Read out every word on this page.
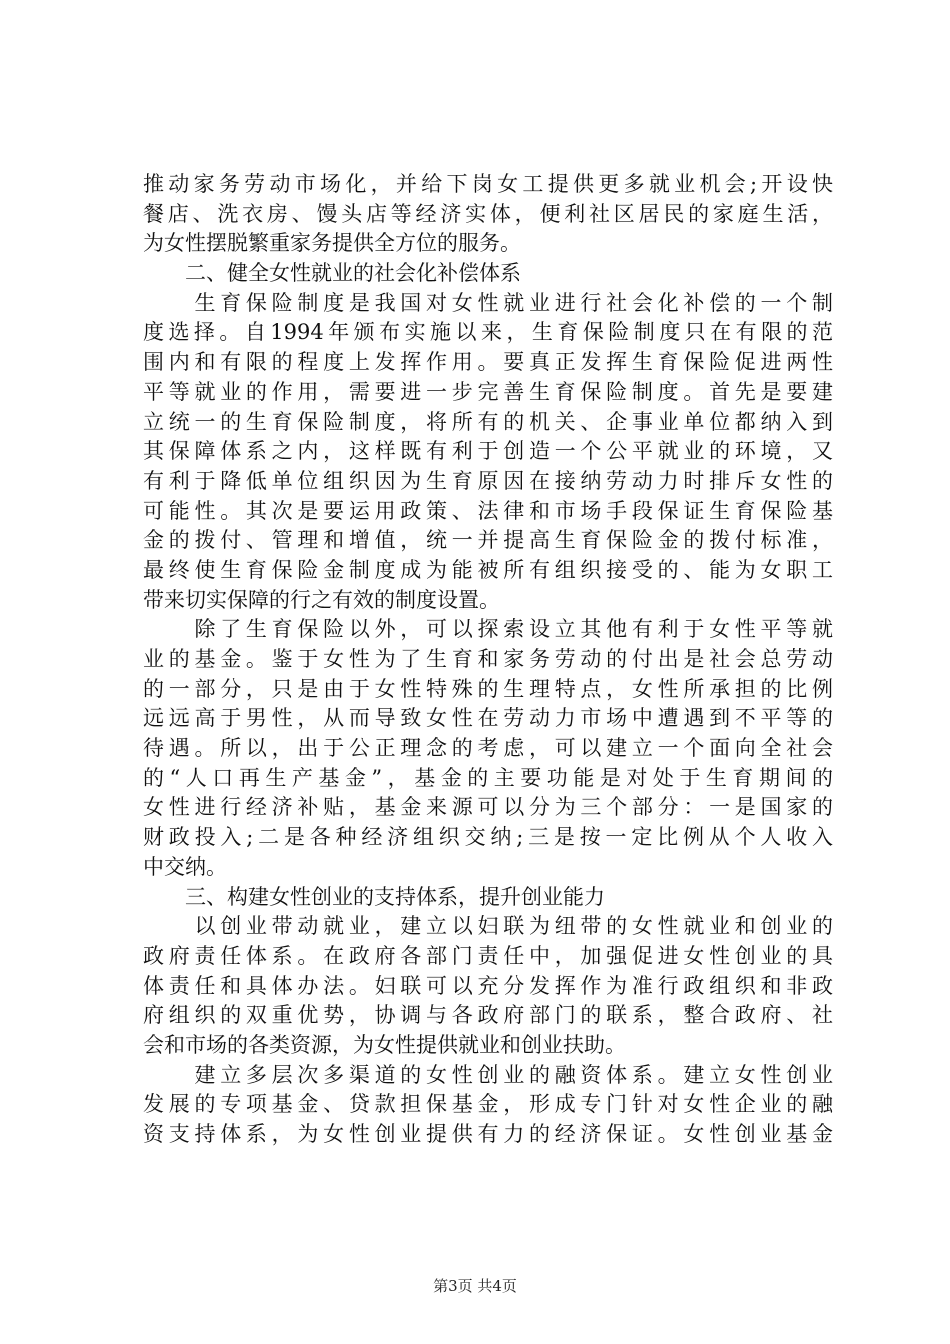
推动家务劳动市场化，并给下岗女工提供更多就业机会;开设快
餐店、洗衣房、馒头店等经济实体，便利社区居民的家庭生活，
为女性摆脱繁重家务提供全方位的服务。
　　二、健全女性就业的社会化补偿体系
　　生育保险制度是我国对女性就业进行社会化补偿的一个制
度选择。自1994年颁布实施以来，生育保险制度只在有限的范
围内和有限的程度上发挥作用。要真正发挥生育保险促进两性
平等就业的作用，需要进一步完善生育保险制度。首先是要建
立统一的生育保险制度，将所有的机关、企事业单位都纳入到
其保障体系之内，这样既有利于创造一个公平就业的环境，又
有利于降低单位组织因为生育原因在接纳劳动力时排斥女性的
可能性。其次是要运用政策、法律和市场手段保证生育保险基
金的拨付、管理和增值，统一并提高生育保险金的拨付标准，
最终使生育保险金制度成为能被所有组织接受的、能为女职工
带来切实保障的行之有效的制度设置。
　　除了生育保险以外，可以探索设立其他有利于女性平等就
业的基金。鉴于女性为了生育和家务劳动的付出是社会总劳动
的一部分，只是由于女性特殊的生理特点，女性所承担的比例
远远高于男性，从而导致女性在劳动力市场中遭遇到不平等的
待遇。所以，出于公正理念的考虑，可以建立一个面向全社会
的“人口再生产基金”，基金的主要功能是对处于生育期间的
女性进行经济补贴，基金来源可以分为三个部分：一是国家的
财政投入;二是各种经济组织交纳;三是按一定比例从个人收入
中交纳。
　　三、构建女性创业的支持体系，提升创业能力
　　以创业带动就业，建立以妇联为纽带的女性就业和创业的
政府责任体系。在政府各部门责任中，加强促进女性创业的具
体责任和具体办法。妇联可以充分发挥作为准行政组织和非政
府组织的双重优势，协调与各政府部门的联系，整合政府、社
会和市场的各类资源，为女性提供就业和创业扶助。
　　建立多层次多渠道的女性创业的融资体系。建立女性创业
发展的专项基金、贷款担保基金，形成专门针对女性企业的融
资支持体系，为女性创业提供有力的经济保证。女性创业基金
第3页 共4页
